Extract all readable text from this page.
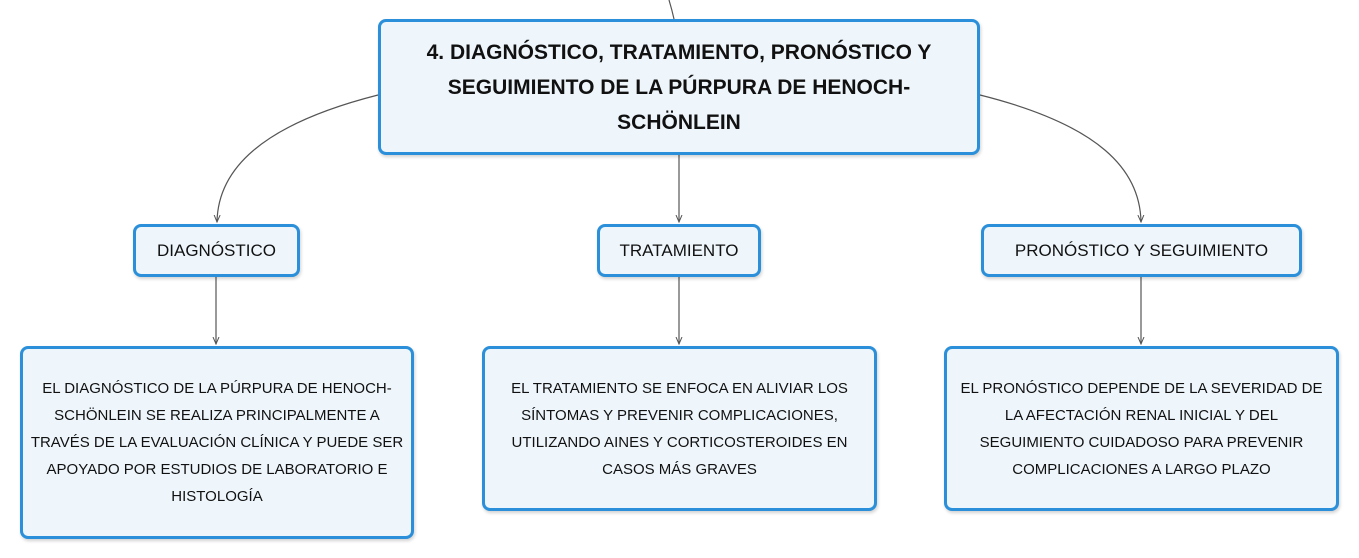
4. DIAGNÓSTICO, TRATAMIENTO, PRONÓSTICO Y SEGUIMIENTO DE LA PÚRPURA DE HENOCH-SCHÖNLEIN
DIAGNÓSTICO	TRATAMIENTO	PRONÓSTICO Y SEGUIMIENTO
EL DIAGNÓSTICO DE LA PÚRPURA DE HENOCH-SCHÖNLEIN SE REALIZA PRINCIPALMENTE A TRAVÉS DE LA EVALUACIÓN CLÍNICA Y PUEDE SER APOYADO POR ESTUDIOS DE LABORATORIO E HISTOLOGÍA
EL TRATAMIENTO SE ENFOCA EN ALIVIAR LOS SÍNTOMAS Y PREVENIR COMPLICACIONES, UTILIZANDO AINES Y CORTICOSTEROIDES EN CASOS MÁS GRAVES
EL PRONÓSTICO DEPENDE DE LA SEVERIDAD DE LA AFECTACIÓN RENAL INICIAL Y DEL SEGUIMIENTO CUIDADOSO PARA PREVENIR COMPLICACIONES A LARGO PLAZO
